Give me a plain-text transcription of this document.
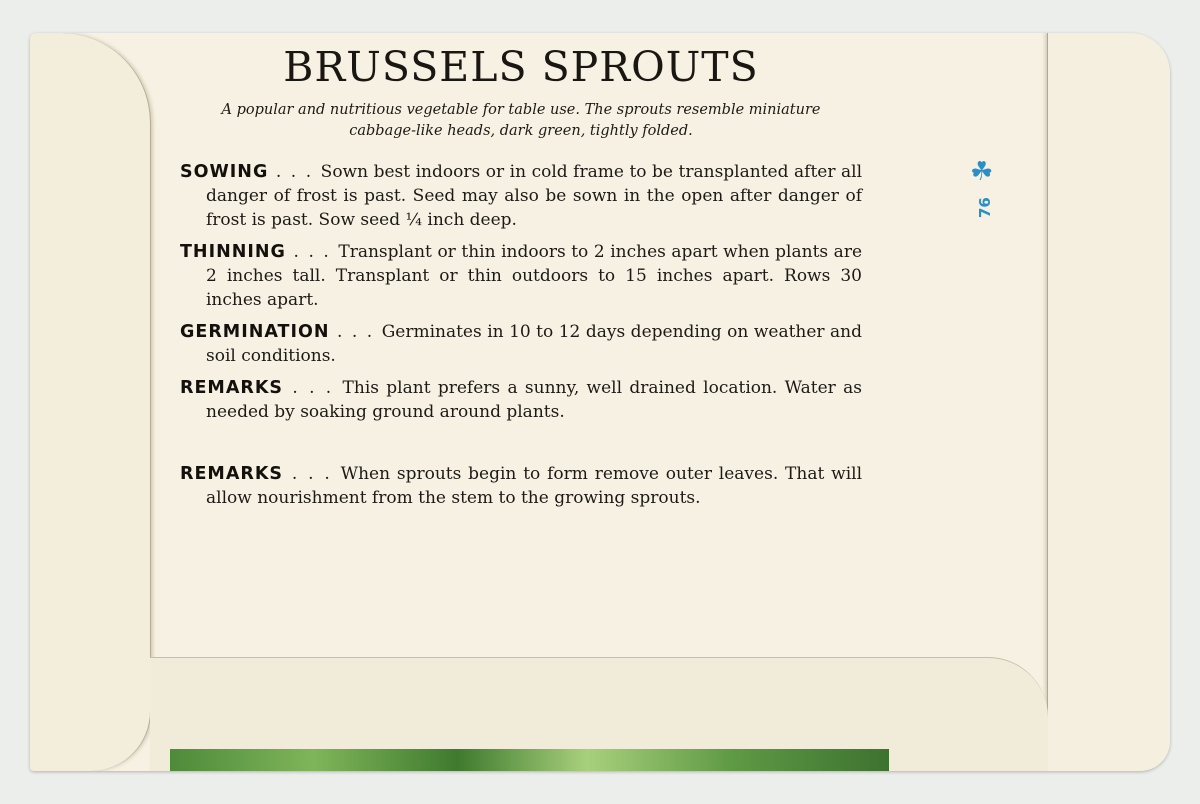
BRUSSELS SPROUTS

A popular and nutritious vegetable for table use. The sprouts resemble miniature cabbage-like heads, dark green, tightly folded.

SOWING . . . Sown best indoors or in cold frame to be transplanted after all danger of frost is past. Seed may also be sown in the open after danger of frost is past. Sow seed ¼ inch deep.

THINNING . . . Transplant or thin indoors to 2 inches apart when plants are 2 inches tall. Transplant or thin outdoors to 15 inches apart. Rows 30 inches apart.

GERMINATION . . . Germinates in 10 to 12 days depending on weather and soil conditions.

REMARKS . . . This plant prefers a sunny, well drained location. Water as needed by soaking ground around plants.

REMARKS . . . When sprouts begin to form remove outer leaves. That will allow nourishment from the stem to the growing sprouts.

☘
76
